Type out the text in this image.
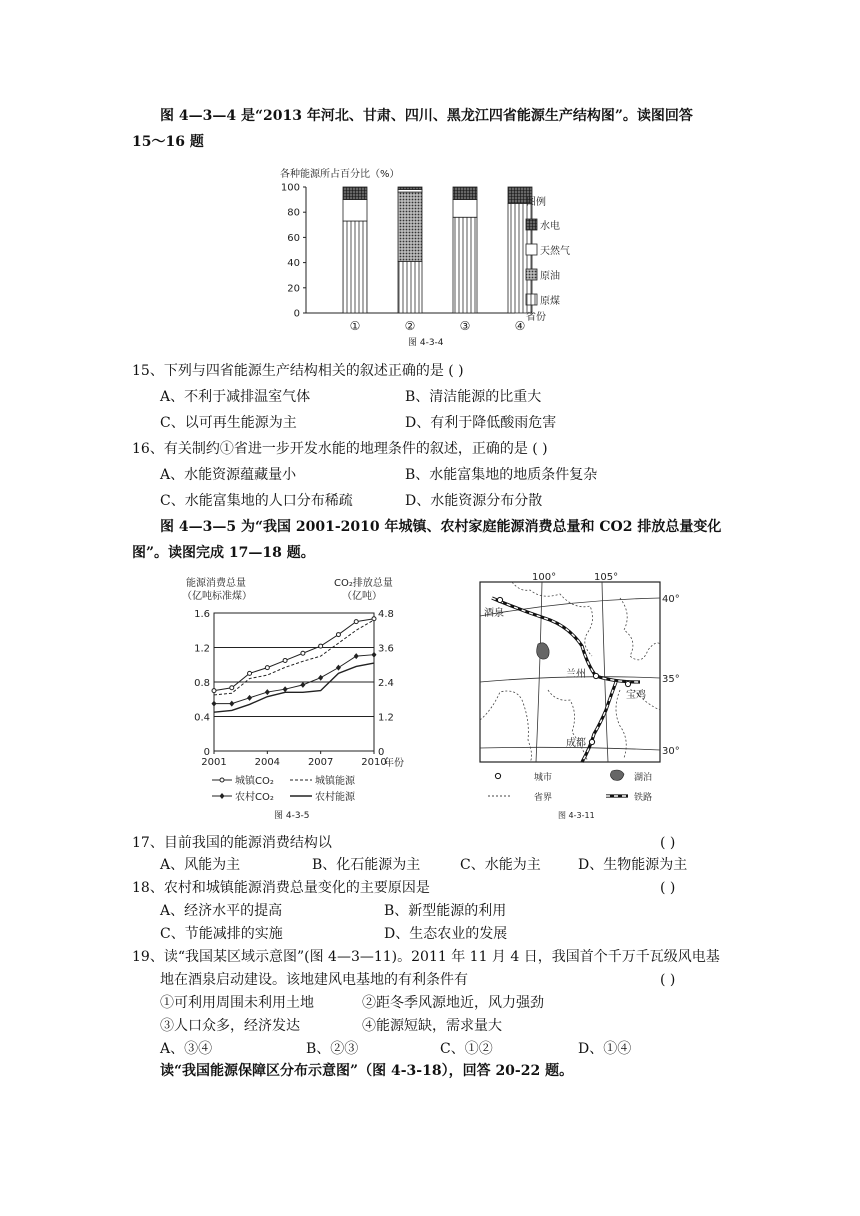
图 4—3—4 是“2013 年河北、甘肃、四川、黑龙江四省能源生产结构图”。读图回答
15～16 题
各种能源所占百分比（%）
0
20
40
60
80
100
①	②	③	④
省份
图例
水电
天然气
原油
原煤
图 4-3-4
15、下列与四省能源生产结构相关的叙述正确的是 ( )
A、不利于减排温室气体	B、清洁能源的比重大
C、以可再生能源为主	D、有利于降低酸雨危害
16、有关制约①省进一步开发水能的地理条件的叙述，正确的是 ( )
A、水能资源蕴藏量小	B、水能富集地的地质条件复杂
C、水能富集地的人口分布稀疏	D、水能资源分布分散
图 4—3—5 为“我国 2001-2010 年城镇、农村家庭能源消费总量和 CO2 排放总量变化
图”。读图完成 17—18 题。
能源消费总量
（亿吨标准煤）
CO₂排放总量
（亿吨）
0
0.4
0.8
1.2
1.6
0
1.2
2.4
3.6
4.8
2001	2004	2007	2010
年份
城镇CO₂	城镇能源
农村CO₂	农村能源
图 4-3-5
酒泉
兰州
宝鸡
成都
100°	105°
40°
35°
30°
城市	湖泊
省界	铁路
图 4-3-11
17、目前我国的能源消费结构以	( )
A、风能为主	B、化石能源为主	C、水能为主	D、生物能源为主
18、农村和城镇能源消费总量变化的主要原因是	( )
A、经济水平的提高	B、新型能源的利用
C、节能减排的实施	D、生态农业的发展
19、读“我国某区域示意图”(图 4—3—11)。2011 年 11 月 4 日，我国首个千万千瓦级风电基
地在酒泉启动建设。该地建风电基地的有利条件有	( )
①可利用周围未利用土地	②距冬季风源地近，风力强劲
③人口众多，经济发达	④能源短缺，需求量大
A、③④	B、②③	C、①②	D、①④
读“我国能源保障区分布示意图”（图 4-3-18），回答 20-22 题。
